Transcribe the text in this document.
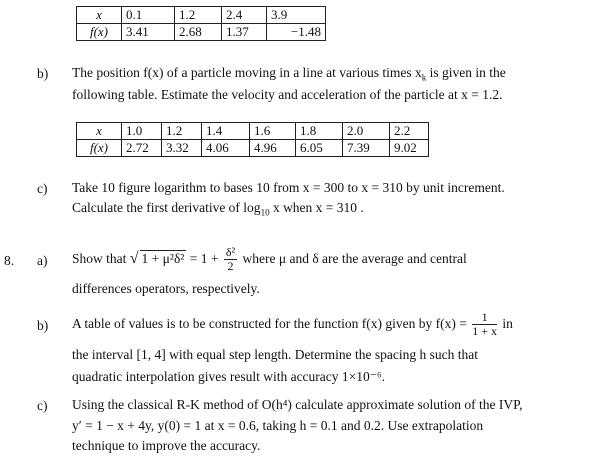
x	0.1	1.2	2.4	3.9
f(x)	3.41	2.68	1.37	−1.48
b) The position f(x) of a particle moving in a line at various times $x_k$ is given in the
following table. Estimate the velocity and acceleration of the particle at x = 1.2.
x	1.0	1.2	1.4	1.6	1.8	2.0	2.2
f(x)	2.72	3.32	4.06	4.96	6.05	7.39	9.02
c) Take 10 figure logarithm to bases 10 from x = 300 to x = 310 by unit increment.
Calculate the first derivative of $\log_{10} x$ when x = 310 .
8. a) Show that √ $1 + \mu^2\delta^2 = 1 + \frac{\text{δ²}}{2}$ where μ and δ are the average and central
differences operators, respectively.
b) A table of values is to be constructed for the function f(x) given by $f(x) = \frac{1}{1 + x}$ in
the interval [1, 4] with equal step length. Determine the spacing h such that
quadratic interpolation gives result with accuracy 1×10⁻⁶.
c) Using the classical R-K method of O(h⁴) calculate approximate solution of the IVP,
y′ = 1 − x + 4y, y(0) = 1 at x = 0.6, taking h = 0.1 and 0.2. Use extrapolation
technique to improve the accuracy.
